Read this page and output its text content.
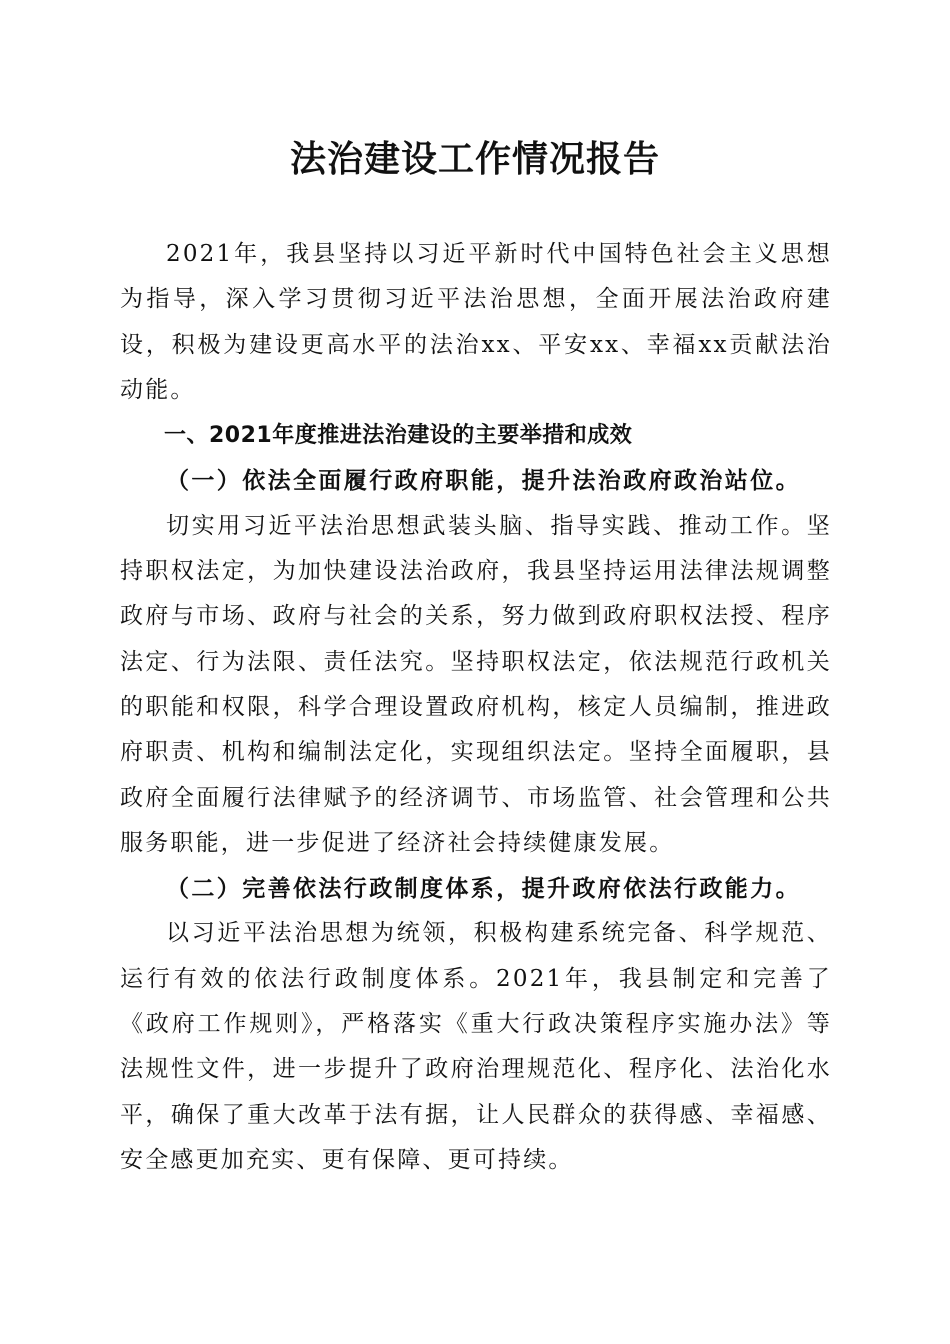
法治建设工作情况报告

2021年，我县坚持以习近平新时代中国特色社会主义思想为指导，深入学习贯彻习近平法治思想，全面开展法治政府建设，积极为建设更高水平的法治xx、平安xx、幸福xx贡献法治动能。

一、2021年度推进法治建设的主要举措和成效

（一）依法全面履行政府职能，提升法治政府政治站位。

切实用习近平法治思想武装头脑、指导实践、推动工作。坚持职权法定，为加快建设法治政府，我县坚持运用法律法规调整政府与市场、政府与社会的关系，努力做到政府职权法授、程序法定、行为法限、责任法究。坚持职权法定，依法规范行政机关的职能和权限，科学合理设置政府机构，核定人员编制，推进政府职责、机构和编制法定化，实现组织法定。坚持全面履职，县政府全面履行法律赋予的经济调节、市场监管、社会管理和公共服务职能，进一步促进了经济社会持续健康发展。

（二）完善依法行政制度体系，提升政府依法行政能力。

以习近平法治思想为统领，积极构建系统完备、科学规范、运行有效的依法行政制度体系。2021年，我县制定和完善了《政府工作规则》，严格落实《重大行政决策程序实施办法》等法规性文件，进一步提升了政府治理规范化、程序化、法治化水平，确保了重大改革于法有据，让人民群众的获得感、幸福感、安全感更加充实、更有保障、更可持续。
